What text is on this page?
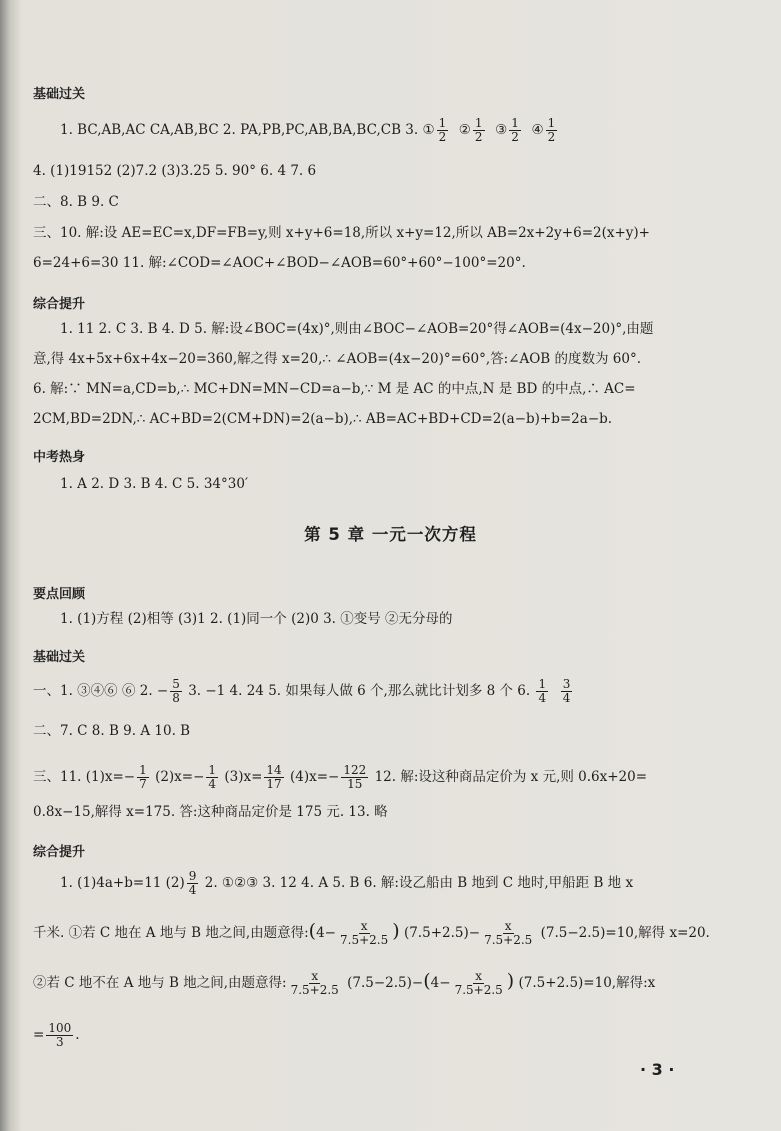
基础过关
1. BC,AB,AC CA,AB,BC 2. PA,PB,PC,AB,BA,BC,CB 3. ① $\frac{1}{2}$ ② $\frac{1}{2}$ ③ $\frac{1}{2}$ ④ $\frac{1}{2}$
4. (1)19152 (2)7.2 (3)3.25 5. 90° 6. 4 7. 6
二、8. B 9. C
三、10. 解:设 AE=EC=x,DF=FB=y,则 x+y+6=18,所以 x+y=12,所以 AB=2x+2y+6=2(x+y)+
6=24+6=30 11. 解:∠COD=∠AOC+∠BOD−∠AOB=60°+60°−100°=20°.
综合提升
1. 11 2. C 3. B 4. D 5. 解:设∠BOC=(4x)°,则由∠BOC−∠AOB=20°得∠AOB=(4x−20)°,由题
意,得 4x+5x+6x+4x−20=360,解之得 x=20,∴ ∠AOB=(4x−20)°=60°,答:∠AOB 的度数为 60°.
6. 解:∵ MN=a,CD=b,∴ MC+DN=MN−CD=a−b,∵ M 是 AC 的中点,N 是 BD 的中点,∴ AC=
2CM,BD=2DN,∴ AC+BD=2(CM+DN)=2(a−b),∴ AB=AC+BD+CD=2(a−b)+b=2a−b.
中考热身
1. A 2. D 3. B 4. C 5. 34°30′
第 5 章 一元一次方程
要点回顾
1. (1)方程 (2)相等 (3)1 2. (1)同一个 (2)0 3. ①变号 ②无分母的
基础过关
一、1. ③④⑥ ⑥ 2. − $\frac{5}{8} 3$. −1 4. 24 5. 如果每人做 6 个,那么就比计划多 8 个 6. $\frac{1}{4}$
$\frac{3}{4}$
二、7. C 8. B 9. A 10. B
三、11. $(1)x=- \frac{1}{7} (2)x=- \frac{1}{4} (3)x= \frac{14}{17} (4)x=- \frac{122}{15} 12$. 解:设这种商品定价为 x 元,则 0.6x+20=
0.8x−15,解得 x=175. 答:这种商品定价是 175 元. 13. 略
综合提升
1. (1)4a+b=11 $(2) \frac{9}{4} 2$. ①②③ 3. 12 4. A 5. B 6. 解:设乙船由 B 地到 C 地时,甲船距 B 地 x
千米. ①若 C 地在 A 地与 B 地之间,由题意得:(4− $\frac{x}{7.5+2.5}$ ) $(7.5+2.5)- \frac{x}{7.5+2.5} (7.5-2.5)=10$,解得 x=20.
②若 C 地不在 A 地与 B 地之间,由题意得: $\frac{x}{7.5+2.5} (7.5-2.5)-(4- \frac{x}{7.5+2.5}$ ) (7.5+2.5)=10,解得:x
= $\frac{100}{3}$ .
· 3 ·
